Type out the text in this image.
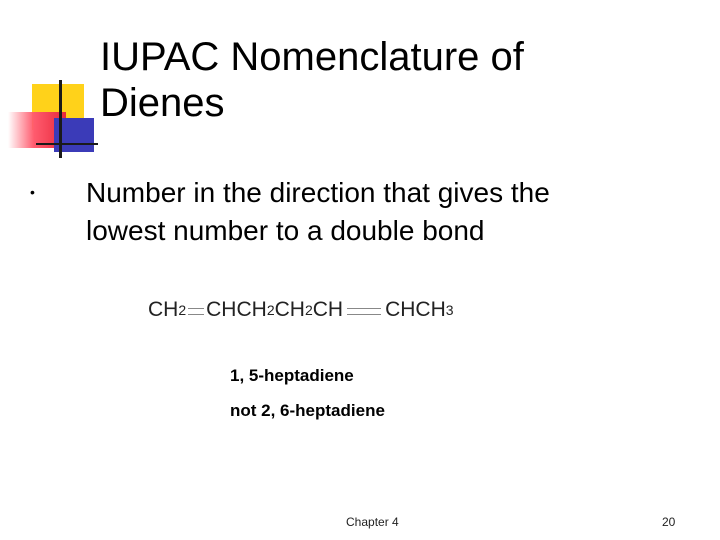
IUPAC Nomenclature of
Dienes
• Number in the direction that gives the
lowest number to a double bond
CH 2 CHCH 2 CH 2 CH CHCH 3
1, 5-heptadiene
not 2, 6-heptadiene
Chapter 4	20
